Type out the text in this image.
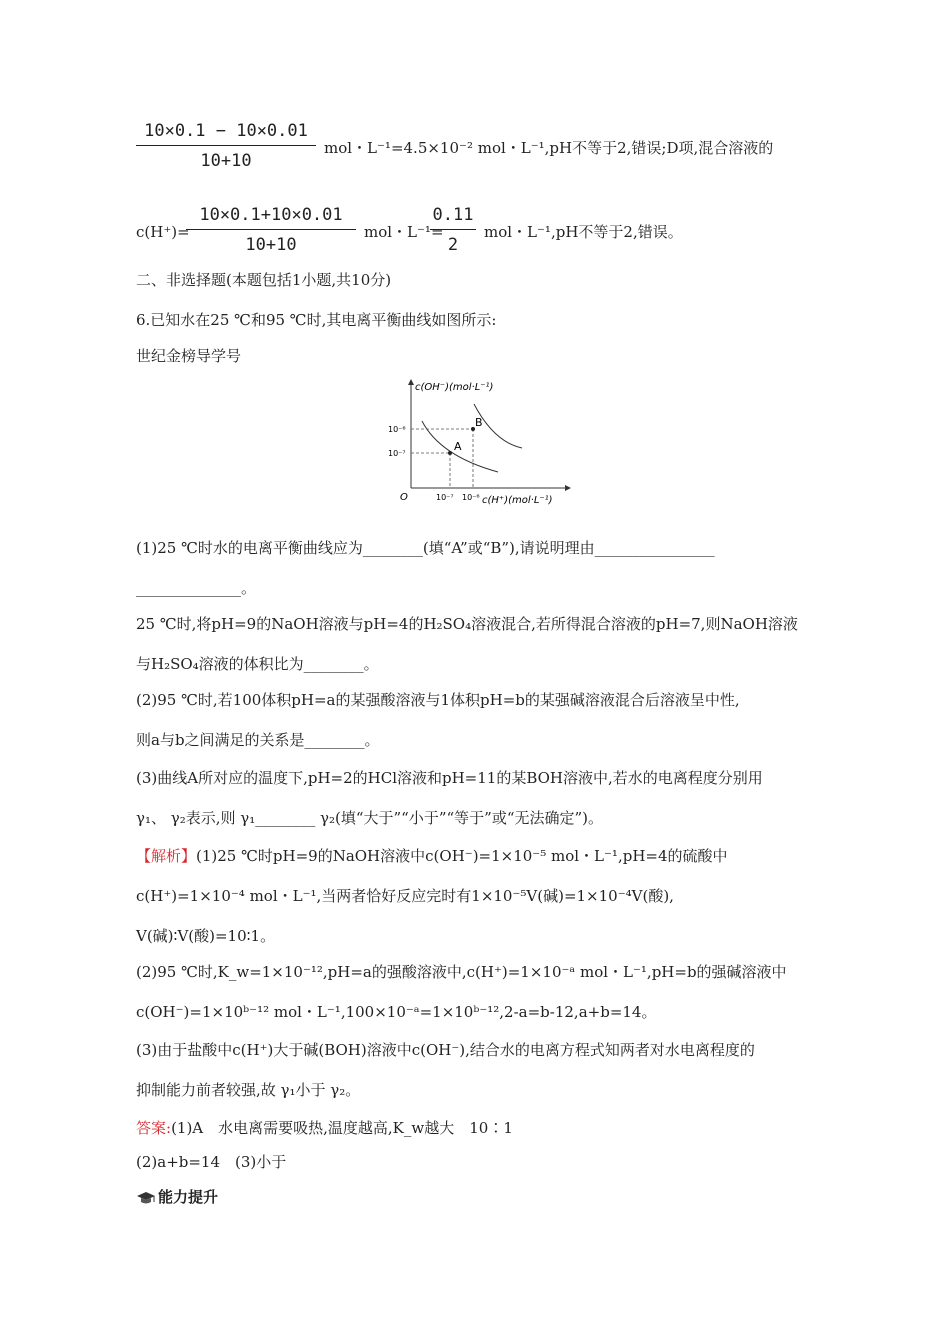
10×0.1 − 10×0.01
10+10
mol・L⁻¹=4.5×10⁻² mol・L⁻¹,pH不等于2,错误;D项,混合溶液的
c(H⁺)=
10×0.1+10×0.01
10+10
mol・L⁻¹=
0.11
2
mol・L⁻¹,pH不等于2,错误。
二、非选择题(本题包括1小题,共10分)
6.已知水在25 ℃和95 ℃时,其电离平衡曲线如图所示:
世纪金榜导学号
B
A
c(OH⁻)(mol·L⁻¹)
c(H⁺)(mol·L⁻¹)
O
10⁻⁶
10⁻⁷
10⁻⁷ 10⁻⁶
(1)25 ℃时水的电离平衡曲线应为________(填“A”或“B”),请说明理由________________
______________。
25 ℃时,将pH=9的NaOH溶液与pH=4的H₂SO₄溶液混合,若所得混合溶液的pH=7,则NaOH溶液
与H₂SO₄溶液的体积比为________。
(2)95 ℃时,若100体积pH=a的某强酸溶液与1体积pH=b的某强碱溶液混合后溶液呈中性,
则a与b之间满足的关系是________。
(3)曲线A所对应的温度下,pH=2的HCl溶液和pH=11的某BOH溶液中,若水的电离程度分别用
γ₁、 γ₂表示,则 γ₁________ γ₂(填“大于”“小于”“等于”或“无法确定”)。
【解析】(1)25 ℃时pH=9的NaOH溶液中c(OH⁻)=1×10⁻⁵ mol・L⁻¹,pH=4的硫酸中
c(H⁺)=1×10⁻⁴ mol・L⁻¹,当两者恰好反应完时有1×10⁻⁵V(碱)=1×10⁻⁴V(酸),
V(碱)∶V(酸)=10∶1。
(2)95 ℃时,K_w=1×10⁻¹²,pH=a的强酸溶液中,c(H⁺)=1×10⁻ᵃ mol・L⁻¹,pH=b的强碱溶液中
c(OH⁻)=1×10ᵇ⁻¹² mol・L⁻¹,100×10⁻ᵃ=1×10ᵇ⁻¹²,2-a=b-12,a+b=14。
(3)由于盐酸中c(H⁺)大于碱(BOH)溶液中c(OH⁻),结合水的电离方程式知两者对水电离程度的
抑制能力前者较强,故 γ₁小于 γ₂。
答案:(1)A　水电离需要吸热,温度越高,K_w越大　10∶1
(2)a+b=14　(3)小于
能力提升
